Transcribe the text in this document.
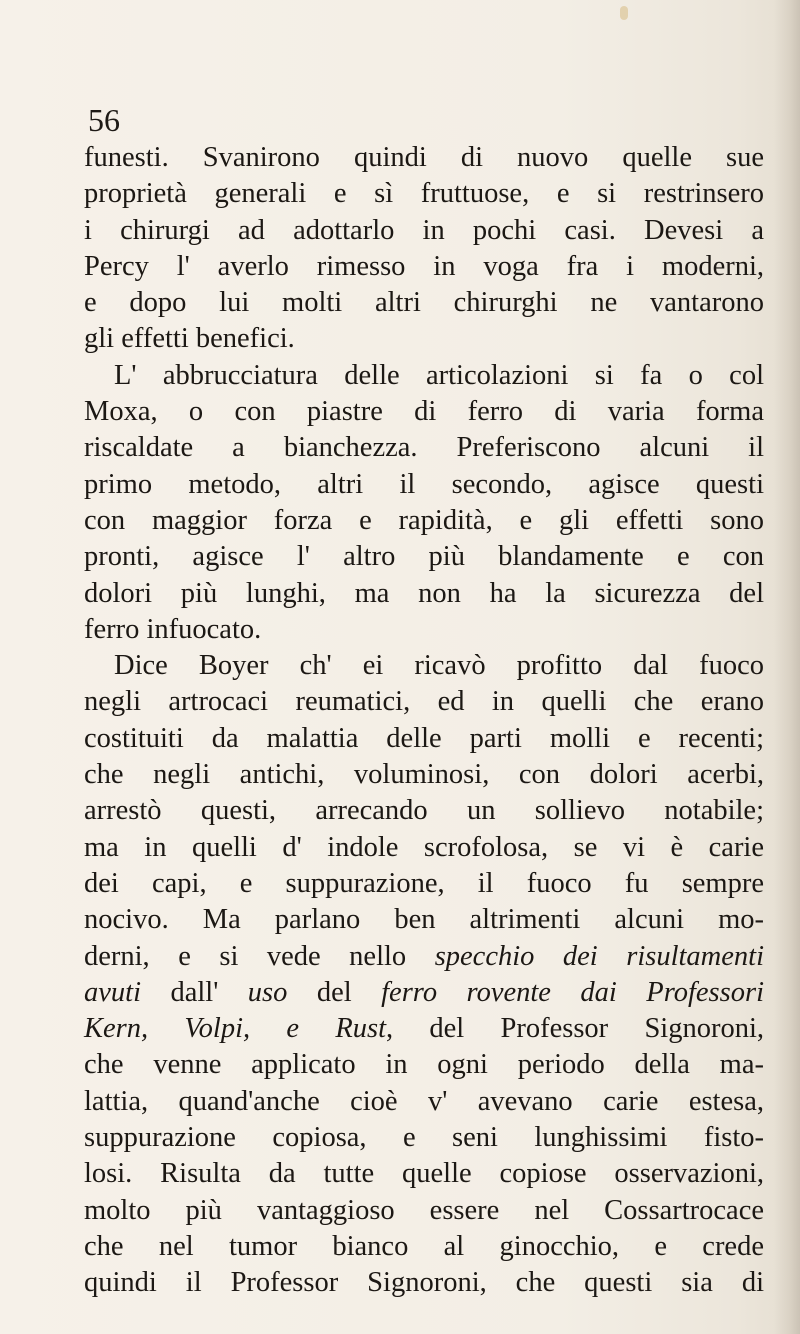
56
funesti. Svanirono quindi di nuovo quelle sue
proprietà generali e sì fruttuose, e si restrinsero
i chirurgi ad adottarlo in pochi casi. Devesi a
Percy l' averlo rimesso in voga fra i moderni,
e dopo lui molti altri chirurghi ne vantarono
gli effetti benefici.
L' abbrucciatura delle articolazioni si fa o col
Moxa, o con piastre di ferro di varia forma
riscaldate a bianchezza. Preferiscono alcuni il
primo metodo, altri il secondo, agisce questi
con maggior forza e rapidità, e gli effetti sono
pronti, agisce l' altro più blandamente e con
dolori più lunghi, ma non ha la sicurezza del
ferro infuocato.
Dice Boyer ch' ei ricavò profitto dal fuoco
negli artrocaci reumatici, ed in quelli che erano
costituiti da malattia delle parti molli e recenti;
che negli antichi, voluminosi, con dolori acerbi,
arrestò questi, arrecando un sollievo notabile;
ma in quelli d' indole scrofolosa, se vi è carie
dei capi, e suppurazione, il fuoco fu sempre
nocivo. Ma parlano ben altrimenti alcuni mo-
derni, e si vede nello specchio dei risultamenti
avuti dall' uso del ferro rovente dai Professori
Kern, Volpi, e Rust, del Professor Signoroni,
che venne applicato in ogni periodo della ma-
lattia, quand'anche cioè v' avevano carie estesa,
suppurazione copiosa, e seni lunghissimi fisto-
losi. Risulta da tutte quelle copiose osservazioni,
molto più vantaggioso essere nel Cossartrocace
che nel tumor bianco al ginocchio, e crede
quindi il Professor Signoroni, che questi sia di
